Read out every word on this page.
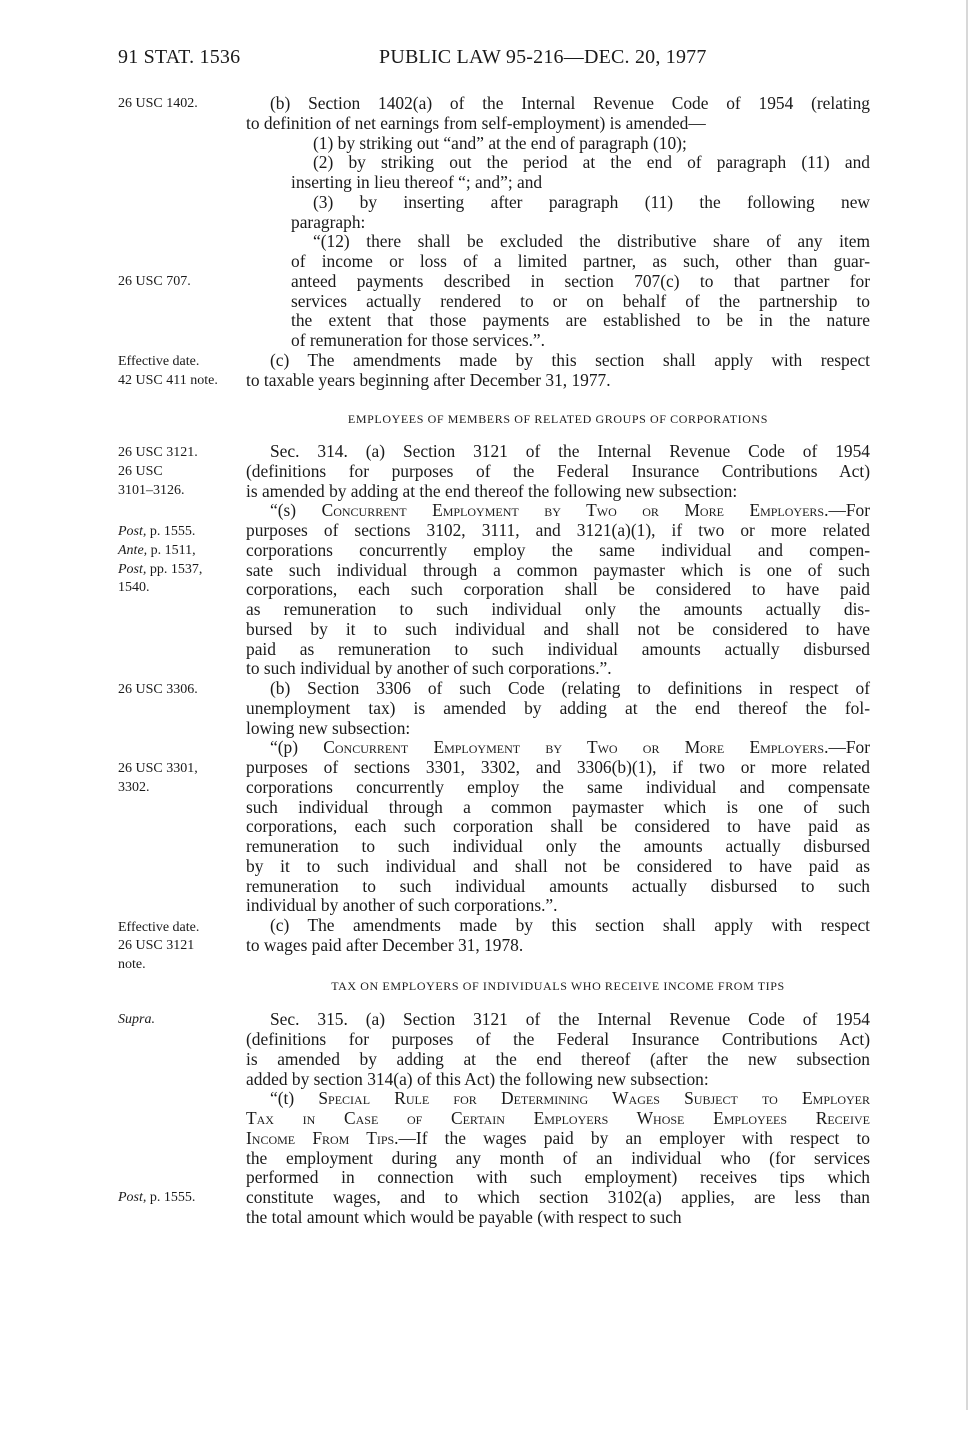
91 STAT. 1536	PUBLIC LAW 95-216—DEC. 20, 1977
26 USC 1402.
26 USC 707.
Effective date.
42 USC 411 note.
26 USC 3121.
26 USC
3101–3126.
Post, p. 1555.
Ante, p. 1511,
Post, pp. 1537,
1540.
26 USC 3306.
26 USC 3301,
3302.
Effective date.
26 USC 3121
note.
Supra.
Post, p. 1555.
(b) Section 1402(a) of the Internal Revenue Code of 1954 (relating
to definition of net earnings from self-employment) is amended—
(1) by striking out “and” at the end of paragraph (10);
(2) by striking out the period at the end of paragraph (11) and
inserting in lieu thereof “; and”; and
(3) by inserting after paragraph (11) the following new
paragraph:
“(12) there shall be excluded the distributive share of any item
of income or loss of a limited partner, as such, other than guar-
anteed payments described in section 707(c) to that partner for
services actually rendered to or on behalf of the partnership to
the extent that those payments are established to be in the nature
of remuneration for those services.”.
(c) The amendments made by this section shall apply with respect
to taxable years beginning after December 31, 1977.
EMPLOYEES OF MEMBERS OF RELATED GROUPS OF CORPORATIONS
Sec. 314. (a) Section 3121 of the Internal Revenue Code of 1954
(definitions for purposes of the Federal Insurance Contributions Act)
is amended by adding at the end thereof the following new subsection:
“(s) Concurrent Employment by Two or More Employers.—For
purposes of sections 3102, 3111, and 3121(a)(1), if two or more related
corporations concurrently employ the same individual and compen-
sate such individual through a common paymaster which is one of such
corporations, each such corporation shall be considered to have paid
as remuneration to such individual only the amounts actually dis-
bursed by it to such individual and shall not be considered to have
paid as remuneration to such individual amounts actually disbursed
to such individual by another of such corporations.”.
(b) Section 3306 of such Code (relating to definitions in respect of
unemployment tax) is amended by adding at the end thereof the fol-
lowing new subsection:
“(p) Concurrent Employment by Two or More Employers.—For
purposes of sections 3301, 3302, and 3306(b)(1), if two or more related
corporations concurrently employ the same individual and compensate
such individual through a common paymaster which is one of such
corporations, each such corporation shall be considered to have paid as
remuneration to such individual only the amounts actually disbursed
by it to such individual and shall not be considered to have paid as
remuneration to such individual amounts actually disbursed to such
individual by another of such corporations.”.
(c) The amendments made by this section shall apply with respect
to wages paid after December 31, 1978.
TAX ON EMPLOYERS OF INDIVIDUALS WHO RECEIVE INCOME FROM TIPS
Sec. 315. (a) Section 3121 of the Internal Revenue Code of 1954
(definitions for purposes of the Federal Insurance Contributions Act)
is amended by adding at the end thereof (after the new subsection
added by section 314(a) of this Act) the following new subsection:
“(t) Special Rule for Determining Wages Subject to Employer
Tax in Case of Certain Employers Whose Employees Receive
Income From Tips.—If the wages paid by an employer with respect to
the employment during any month of an individual who (for services
performed in connection with such employment) receives tips which
constitute wages, and to which section 3102(a) applies, are less than
the total amount which would be payable (with respect to such
